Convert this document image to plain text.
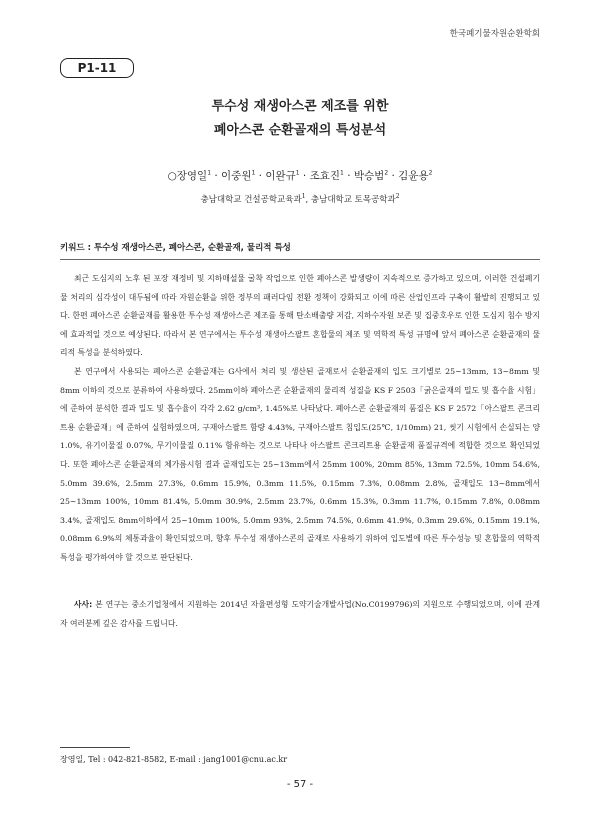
한국폐기물자원순환학회
P1-11
투수성 재생아스콘 제조를 위한
폐아스콘 순환골재의 특성분석
○장영일$^1$ · 이중원$^1$ · 이완규$^1$ · 조효진$^1$ · 박승범$^2$ · 김윤용$^2$
충남대학교 건설공학교육과$^1$, 충남대학교 토목공학과$^2$
키워드 : 투수성 재생아스콘, 폐아스콘, 순환골재, 물리적 특성

최근 도심지의 노후 된 포장 재정비 및 지하매설물 굴착 작업으로 인한 폐아스콘 발생량이 지속적으로 증가하고 있으며, 이러한 건설폐기물 처리의 심각성이 대두됨에 따라 자원순환을 위한 정부의 패러다임 전환 정책이 강화되고 이에 따른 산업인프라 구축이 활발히 진행되고 있다. 한편 폐아스콘 순환골재를 활용한 투수성 재생아스콘 제조를 통해 탄소배출량 저감, 지하수자원 보존 및 집중호우로 인한 도심지 침수 방지에 효과적일 것으로 예상된다. 따라서 본 연구에서는 투수성 재생아스팔트 혼합물의 제조 및 역학적 특성 규명에 앞서 폐아스콘 순환골재의 물리적 특성을 분석하였다.

본 연구에서 사용되는 폐아스콘 순환골재는 G사에서 처리 및 생산된 골재로서 순환골재의 입도 크기별로 25~13mm, 13~8mm 및 8mm 이하의 것으로 분류하여 사용하였다. 25mm이하 폐아스콘 순환골재의 물리적 성질을 KS F 2503「굵은골재의 밀도 및 흡수율 시험」에 준하여 분석한 결과 밀도 및 흡수율이 각각 2.62 g/cm³, 1.45%로 나타났다. 폐아스콘 순환골재의 품질은 KS F 2572「아스팔트 콘크리트용 순환골재」에 준하여 실험하였으며, 구재아스팔트 함량 4.43%, 구재아스팔트 침입도(25℃, 1/10mm) 21, 씻기 시험에서 손실되는 양 1.0%, 유기이물질 0.07%, 무기이물질 0.11% 함유하는 것으로 나타나 아스팔트 콘크리트용 순환골재 품질규격에 적합한 것으로 확인되었다. 또한 폐아스콘 순환골재의 체가름시험 결과 골재입도는 25~13mm에서 25mm 100%, 20mm 85%, 13mm 72.5%, 10mm 54.6%, 5.0mm 39.6%, 2.5mm 27.3%, 0.6mm 15.9%, 0.3mm 11.5%, 0.15mm 7.3%, 0.08mm 2.8%, 골재입도 13~8mm에서 25~13mm 100%, 10mm 81.4%, 5.0mm 30.9%, 2.5mm 23.7%, 0.6mm 15.3%, 0.3mm 11.7%, 0.15mm 7.8%, 0.08mm 3.4%, 골재입도 8mm이하에서 25~10mm 100%, 5.0mm 93%, 2.5mm 74.5%, 0.6mm 41.9%, 0.3mm 29.6%, 0.15mm 19.1%, 0.08mm 6.9%의 체통과율이 확인되었으며, 향후 투수성 재생아스콘의 골재로 사용하기 위하여 입도별에 따른 투수성능 및 혼합물의 역학적 특성을 평가하여야 할 것으로 판단된다.

사사: 본 연구는 중소기업청에서 지원하는 2014년 자율편성형 도약기술개발사업(No.C0199796)의 지원으로 수행되었으며, 이에 관계자 여러분께 깊은 감사를 드립니다.
장영일, Tel : 042-821-8582, E-mail : jang1001@cnu.ac.kr
- 57 -
